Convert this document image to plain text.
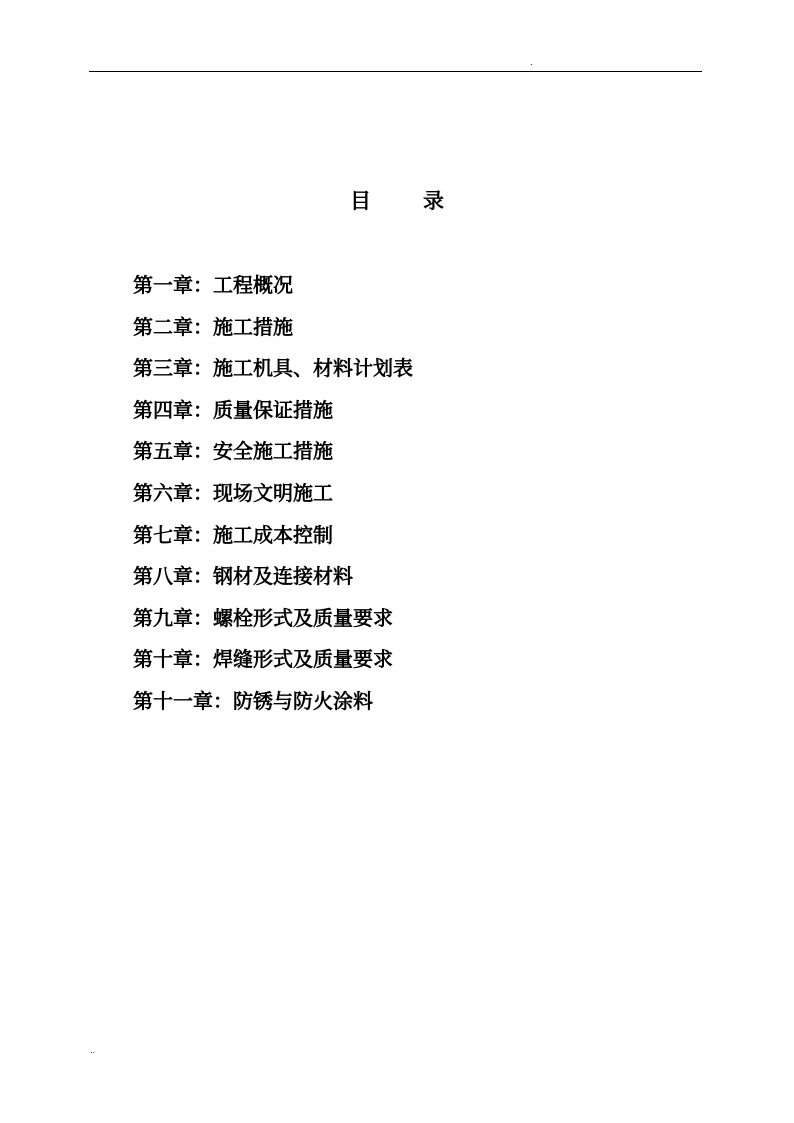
.
目 录
第一章：工程概况
第二章：施工措施
第三章：施工机具、材料计划表
第四章：质量保证措施
第五章：安全施工措施
第六章：现场文明施工
第七章：施工成本控制
第八章：钢材及连接材料
第九章：螺栓形式及质量要求
第十章：焊缝形式及质量要求
第十一章：防锈与防火涂料
..
